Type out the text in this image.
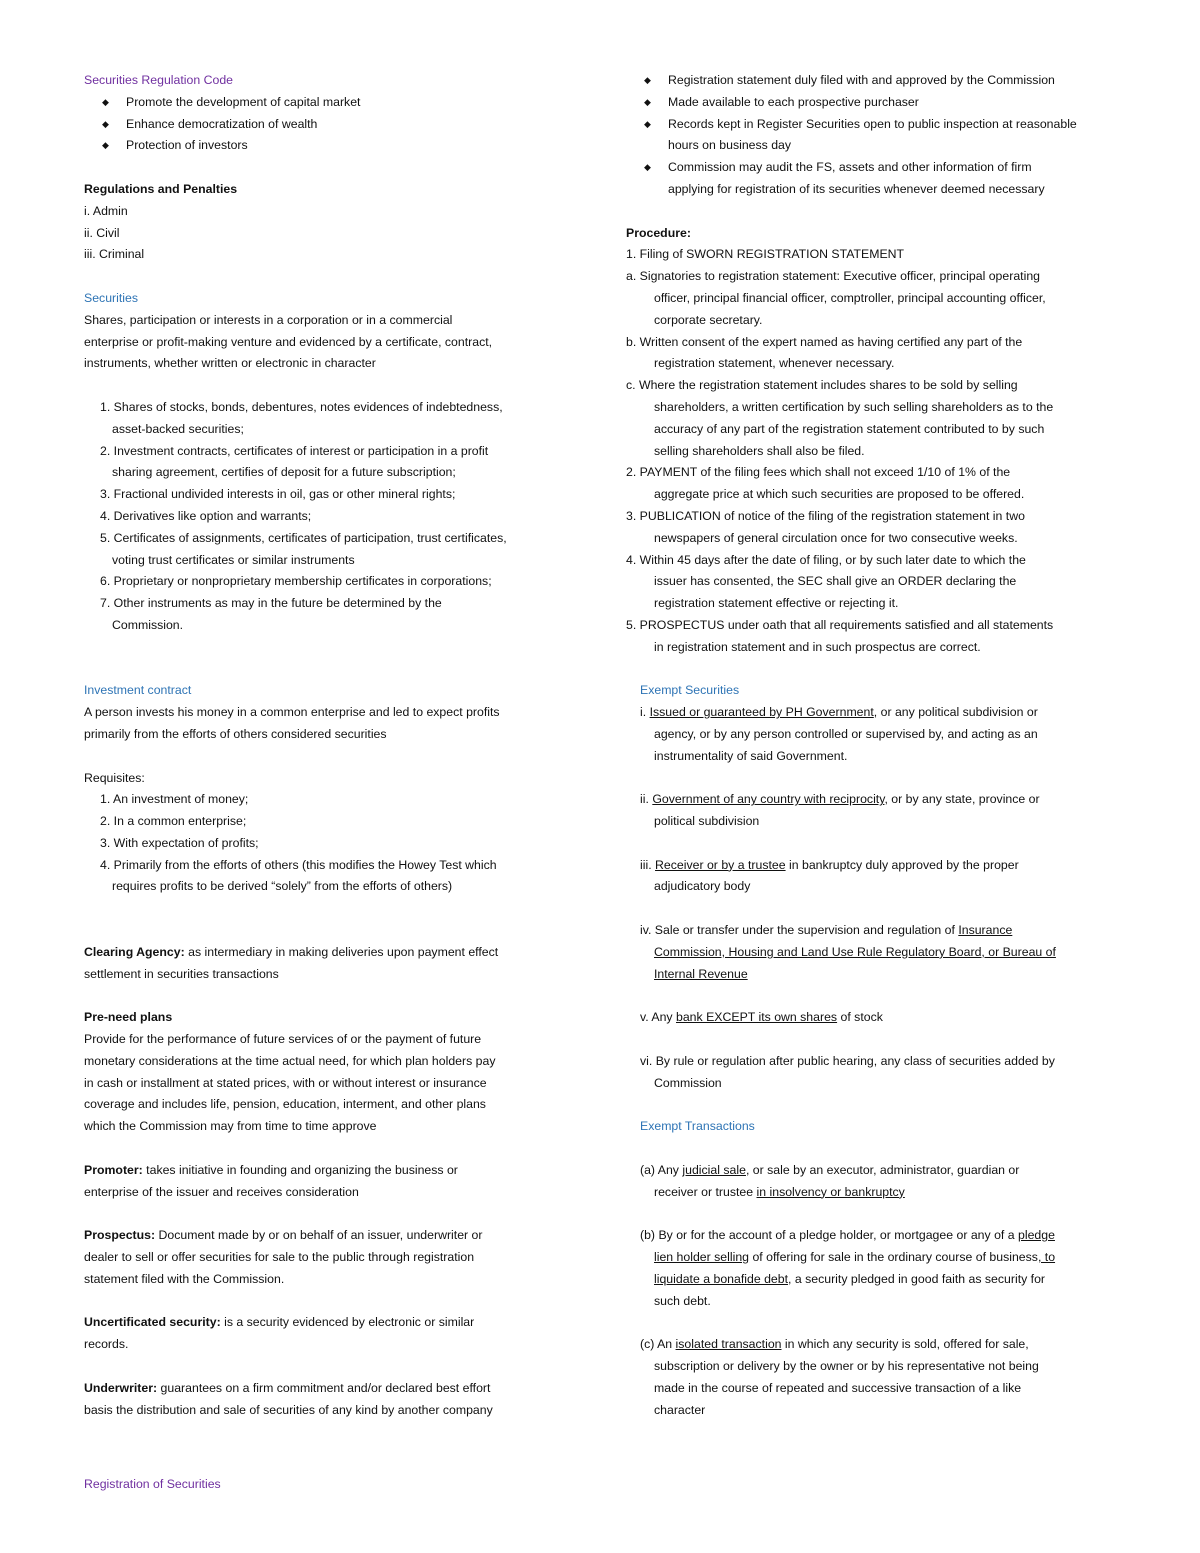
Securities Regulation Code
◆ Promote the development of capital market
◆ Enhance democratization of wealth
◆ Protection of investors
Regulations and Penalties
i. Admin
ii. Civil
iii. Criminal
Securities
Shares, participation or interests in a corporation or in a commercial
enterprise or profit-making venture and evidenced by a certificate, contract,
instruments, whether written or electronic in character
1. Shares of stocks, bonds, debentures, notes evidences of indebtedness,
asset-backed securities;
2. Investment contracts, certificates of interest or participation in a profit
sharing agreement, certifies of deposit for a future subscription;
3. Fractional undivided interests in oil, gas or other mineral rights;
4. Derivatives like option and warrants;
5. Certificates of assignments, certificates of participation, trust certificates,
voting trust certificates or similar instruments
6. Proprietary or nonproprietary membership certificates in corporations;
7. Other instruments as may in the future be determined by the
Commission.
Investment contract
A person invests his money in a common enterprise and led to expect profits
primarily from the efforts of others considered securities
Requisites:
1. An investment of money;
2. In a common enterprise;
3. With expectation of profits;
4. Primarily from the efforts of others (this modifies the Howey Test which
requires profits to be derived “solely” from the efforts of others)
Clearing Agency: as intermediary in making deliveries upon payment effect
settlement in securities transactions
Pre-need plans
Provide for the performance of future services of or the payment of future
monetary considerations at the time actual need, for which plan holders pay
in cash or installment at stated prices, with or without interest or insurance
coverage and includes life, pension, education, interment, and other plans
which the Commission may from time to time approve
Promoter: takes initiative in founding and organizing the business or
enterprise of the issuer and receives consideration
Prospectus: Document made by or on behalf of an issuer, underwriter or
dealer to sell or offer securities for sale to the public through registration
statement filed with the Commission.
Uncertificated security: is a security evidenced by electronic or similar
records.
Underwriter: guarantees on a firm commitment and/or declared best effort
basis the distribution and sale of securities of any kind by another company
Registration of Securities
◆ Registration statement duly filed with and approved by the Commission
◆ Made available to each prospective purchaser
◆ Records kept in Register Securities open to public inspection at reasonable
hours on business day
◆ Commission may audit the FS, assets and other information of firm
applying for registration of its securities whenever deemed necessary
Procedure:
1. Filing of SWORN REGISTRATION STATEMENT
a. Signatories to registration statement: Executive officer, principal operating
officer, principal financial officer, comptroller, principal accounting officer,
corporate secretary.
b. Written consent of the expert named as having certified any part of the
registration statement, whenever necessary.
c. Where the registration statement includes shares to be sold by selling
shareholders, a written certification by such selling shareholders as to the
accuracy of any part of the registration statement contributed to by such
selling shareholders shall also be filed.
2. PAYMENT of the filing fees which shall not exceed 1/10 of 1% of the
aggregate price at which such securities are proposed to be offered.
3. PUBLICATION of notice of the filing of the registration statement in two
newspapers of general circulation once for two consecutive weeks.
4. Within 45 days after the date of filing, or by such later date to which the
issuer has consented, the SEC shall give an ORDER declaring the
registration statement effective or rejecting it.
5. PROSPECTUS under oath that all requirements satisfied and all statements
in registration statement and in such prospectus are correct.
Exempt Securities
i. Issued or guaranteed by PH Government, or any political subdivision or
agency, or by any person controlled or supervised by, and acting as an
instrumentality of said Government.
ii. Government of any country with reciprocity, or by any state, province or
political subdivision
iii. Receiver or by a trustee in bankruptcy duly approved by the proper
adjudicatory body
iv. Sale or transfer under the supervision and regulation of Insurance
Commission, Housing and Land Use Rule Regulatory Board, or Bureau of
Internal Revenue
v. Any bank EXCEPT its own shares of stock
vi. By rule or regulation after public hearing, any class of securities added by
Commission
Exempt Transactions
(a) Any judicial sale, or sale by an executor, administrator, guardian or
receiver or trustee in insolvency or bankruptcy
(b) By or for the account of a pledge holder, or mortgagee or any of a pledge
lien holder selling of offering for sale in the ordinary course of business, to
liquidate a bonafide debt, a security pledged in good faith as security for
such debt.
(c) An isolated transaction in which any security is sold, offered for sale,
subscription or delivery by the owner or by his representative not being
made in the course of repeated and successive transaction of a like
character
